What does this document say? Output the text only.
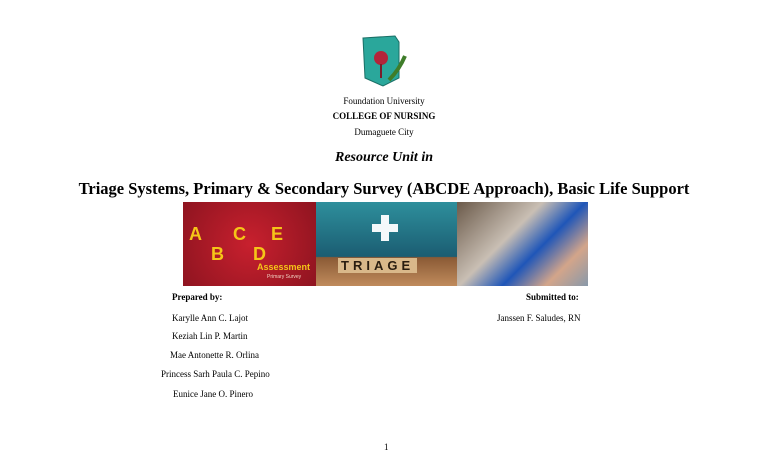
Foundation University
COLLEGE OF NURSING
Dumaguete City
Resource Unit in
Triage Systems, Primary & Secondary Survey (ABCDE Approach), Basic Life Support
A
B
C
D
E
Assessment
Primary Survey
TRIAGE
Prepared by:	Submitted to:
Karylle Ann C. Lajot	Janssen F. Saludes, RN
Keziah Lin P. Martin
Mae Antonette R. Orlina
Princess Sarh Paula C. Pepino
Eunice Jane O. Pinero
1
